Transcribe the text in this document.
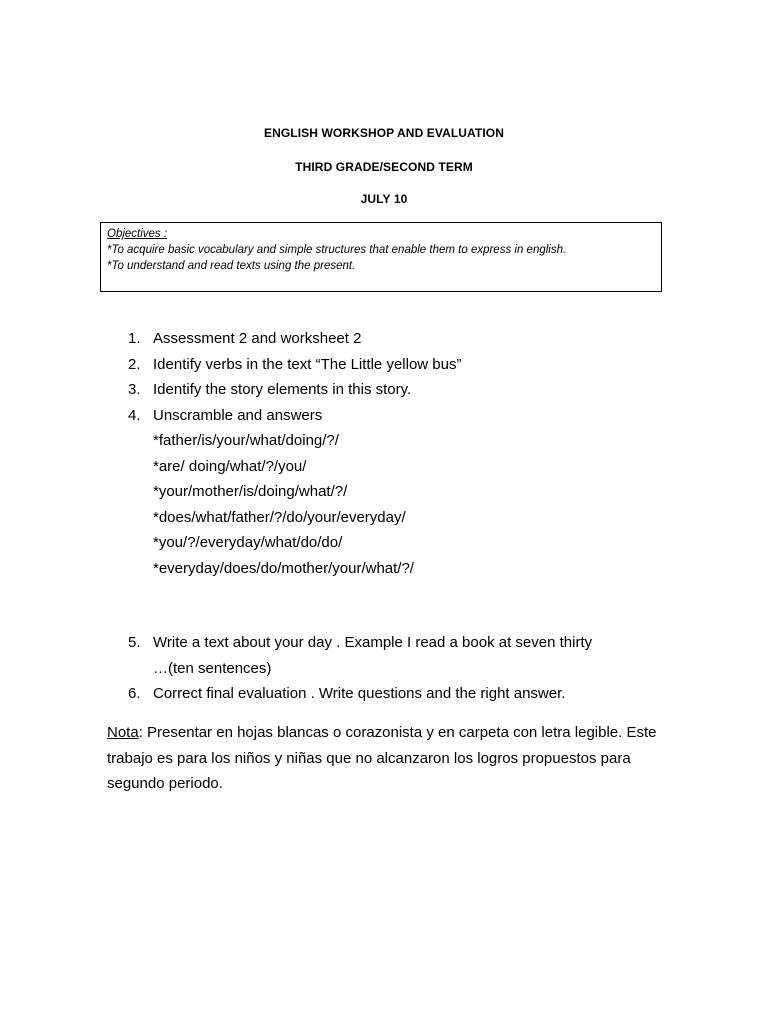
ENGLISH WORKSHOP AND EVALUATION
THIRD GRADE/SECOND TERM
JULY 10
Objectives :
*To acquire basic vocabulary and simple structures that enable them to express in english.
*To understand and read texts using the present.
1. Assessment 2 and worksheet 2
2. Identify verbs in the text “The Little yellow bus”
3. Identify the story elements in this story.
4. Unscramble and answers
*father/is/your/what/doing/?/
*are/ doing/what/?/you/
*your/mother/is/doing/what/?/
*does/what/father/?/do/your/everyday/
*you/?/everyday/what/do/do/
*everyday/does/do/mother/your/what/?/
5. Write a text about your day . Example I read a book at seven thirty
…(ten sentences)
6. Correct final evaluation . Write questions and the right answer.
Nota: Presentar en hojas blancas o corazonista y en carpeta con letra legible. Este trabajo es para los niños y niñas que no alcanzaron los logros propuestos para segundo periodo.
